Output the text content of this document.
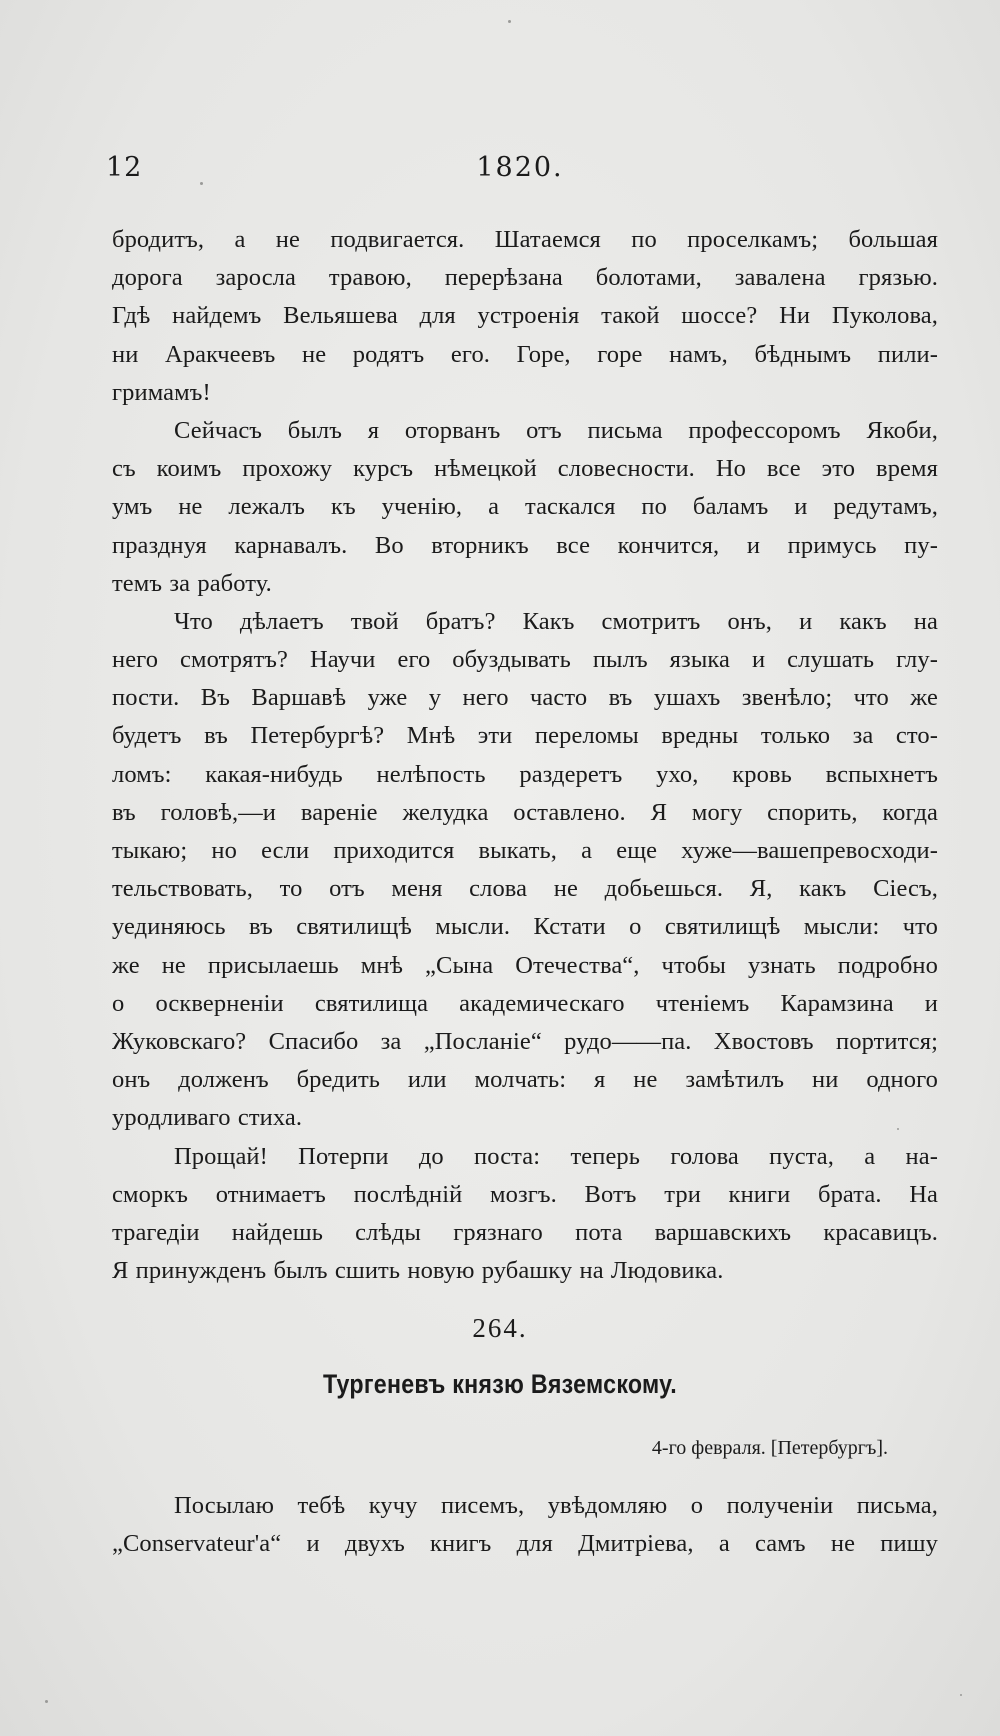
12	1820.
бродитъ, а не подвигается. Шатаемся по проселкамъ; большая
дорога заросла травою, перерѣзана болотами, завалена грязью.
Гдѣ найдемъ Вельяшева для устроенія такой шоссе? Ни Пуколова,
ни Аракчеевъ не родятъ его. Горе, горе намъ, бѣднымъ пили-
гримамъ!
Сейчасъ былъ я оторванъ отъ письма профессоромъ Якоби,
съ коимъ прохожу курсъ нѣмецкой словесности. Но все это время
умъ не лежалъ къ ученію, а таскался по баламъ и редутамъ,
празднуя карнавалъ. Во вторникъ все кончится, и примусь пу-
темъ за работу.
Что дѣлаетъ твой братъ? Какъ смотритъ онъ, и какъ на
него смотрятъ? Научи его обуздывать пылъ языка и слушать глу-
пости. Въ Варшавѣ уже у него часто въ ушахъ звенѣло; что же
будетъ въ Петербургѣ? Мнѣ эти переломы вредны только за сто-
ломъ: какая-нибудь нелѣпость раздеретъ ухо, кровь вспыхнетъ
въ головѣ,—и вареніе желудка оставлено. Я могу спорить, когда
тыкаю; но если приходится выкать, а еще хуже—вашепревосходи-
тельствовать, то отъ меня слова не добьешься. Я, какъ Сіесъ,
уединяюсь въ святилищѣ мысли. Кстати о святилищѣ мысли: что
же не присылаешь мнѣ „Сына Отечества“, чтобы узнать подробно
о оскверненіи святилища академическаго чтеніемъ Карамзина и
Жуковскаго? Спасибо за „Посланіе“ рудо——па. Хвостовъ портится;
онъ долженъ бредить или молчать: я не замѣтилъ ни одного
уродливаго стиха.
Прощай! Потерпи до поста: теперь голова пуста, а на-
сморкъ отнимаетъ послѣдній мозгъ. Вотъ три книги брата. На
трагедіи найдешь слѣды грязнаго пота варшавскихъ красавицъ.
Я принужденъ былъ сшить новую рубашку на Людовика.
264.
Тургеневъ князю Вяземскому.
4-го февраля. [Петербургъ].
Посылаю тебѣ кучу писемъ, увѣдомляю о полученіи письма,
„Conservateur'а“ и двухъ книгъ для Дмитріева, а самъ не пишу
